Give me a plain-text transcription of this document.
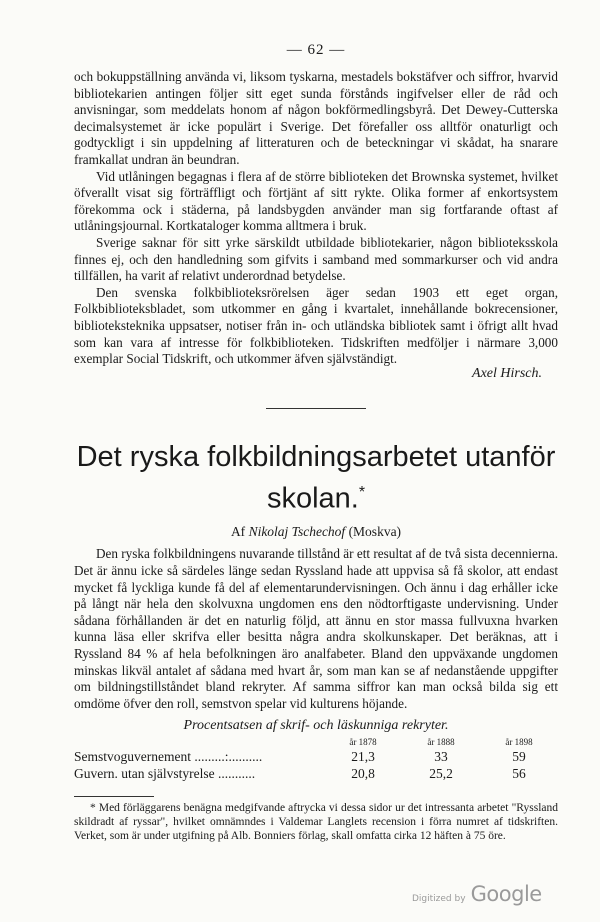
— 62 —

och bokuppställning använda vi, liksom tyskarna, mestadels bokstäfver och siffror, hvarvid bibliotekarien antingen följer sitt eget sunda förstånds ingifvelser eller de råd och anvisningar, som meddelats honom af någon bokförmedlingsbyrå. Det Dewey-Cutterska decimalsystemet är icke populärt i Sverige. Det förefaller oss alltför onaturligt och godtyckligt i sin uppdelning af litteraturen och de beteckningar vi skådat, ha snarare framkallat undran än beundran.

Vid utlåningen begagnas i flera af de större biblioteken det Brownska systemet, hvilket öfverallt visat sig förträffligt och förtjänt af sitt rykte. Olika former af enkortsystem förekomma ock i städerna, på landsbygden använder man sig fortfarande oftast af utlåningsjournal. Kortkataloger komma alltmera i bruk.

Sverige saknar för sitt yrke särskildt utbildade bibliotekarier, någon biblioteksskola finnes ej, och den handledning som gifvits i samband med sommarkurser och vid andra tillfällen, ha varit af relativt underordnad betydelse.

Den svenska folkbiblioteksrörelsen äger sedan 1903 ett eget organ, Folkbiblioteksbladet, som utkommer en gång i kvartalet, innehållande bokrecensioner, biblioteksteknika uppsatser, notiser från in- och utländska bibliotek samt i öfrigt allt hvad som kan vara af intresse för folkbiblioteken. Tidskriften medföljer i närmare 3,000 exemplar Social Tidskrift, och utkommer äfven självständigt.

Axel Hirsch.
Det ryska folkbildningsarbetet utanför skolan.*
Af Nikolaj Tschechof (Moskva)

Den ryska folkbildningens nuvarande tillstånd är ett resultat af de två sista decennierna. Det är ännu icke så särdeles länge sedan Ryssland hade att uppvisa så få skolor, att endast mycket få lyckliga kunde få del af elementarundervisningen. Och ännu i dag erhåller icke på långt när hela den skolvuxna ungdomen ens den nödtorftigaste undervisning. Under sådana förhållanden är det en naturlig följd, att ännu en stor massa fullvuxna hvarken kunna läsa eller skrifva eller besitta några andra skolkunskaper. Det beräknas, att i Ryssland 84 % af hela befolkningen äro analfabeter. Bland den uppväxande ungdomen minskas likväl antalet af sådana med hvart år, som man kan se af nedanstående uppgifter om bildningstillståndet bland rekryter. Af samma siffror kan man också bilda sig ett omdöme öfver den roll, semstvon spelar vid kulturens höjande.

Procentsatsen af skrif- och läskunniga rekryter.
	år 1878	år 1888	år 1898
Semstvoguvernement .........:..........	21,3	33	59
Guvern. utan självstyrelse ...........	20,8	25,2	56

* Med förläggarens benägna medgifvande aftrycka vi dessa sidor ur det intressanta arbetet "Ryssland skildradt af ryssar", hvilket omnämndes i Valdemar Langlets recension i förra numret af tidskriften. Verket, som är under utgifning på Alb. Bonniers förlag, skall omfatta cirka 12 häften à 75 öre.

Digitized by Google
